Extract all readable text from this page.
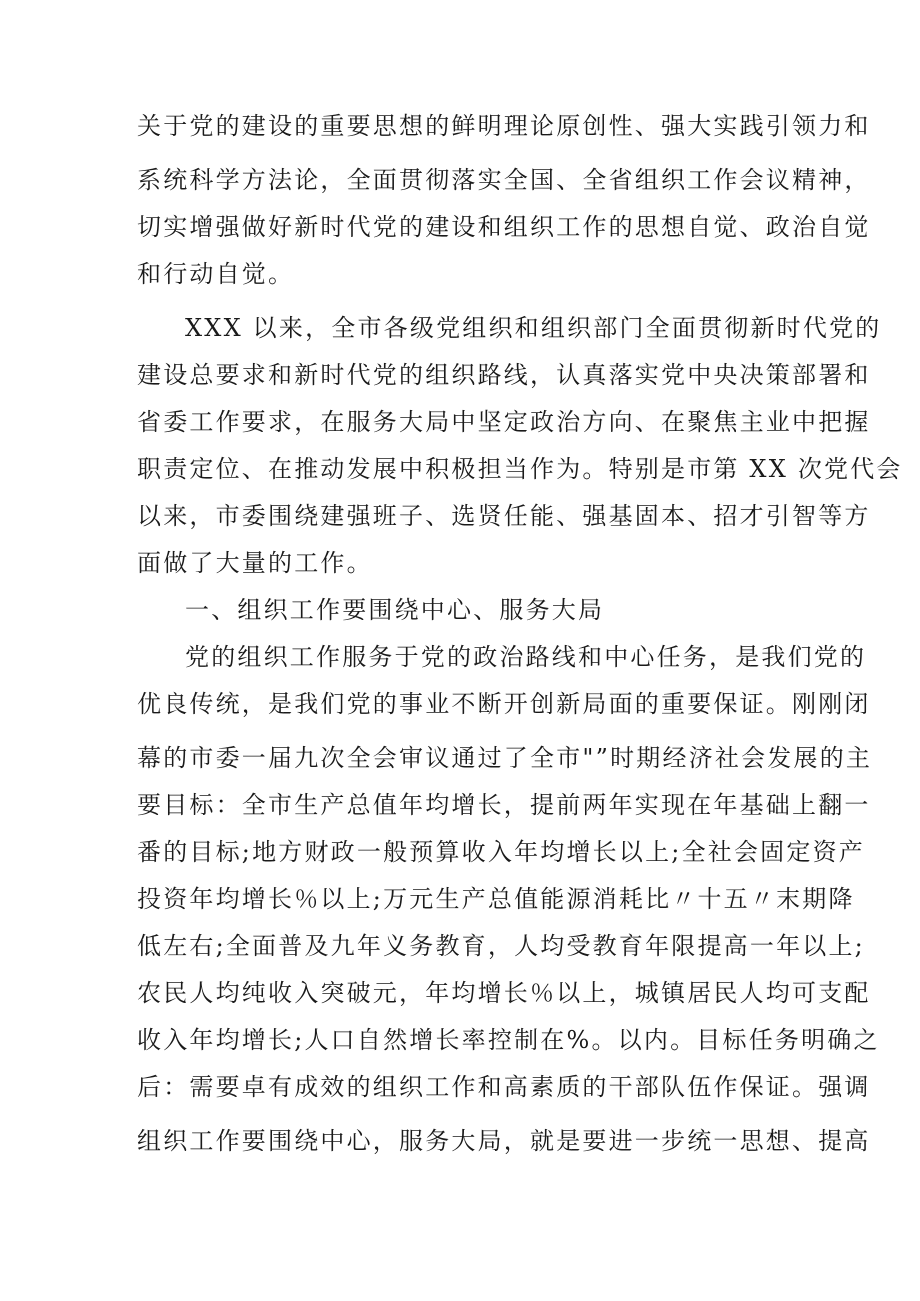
关于党的建设的重要思想的鲜明理论原创性、强大实践引领力和
系统科学方法论，全面贯彻落实全国、全省组织工作会议精神，
切实增强做好新时代党的建设和组织工作的思想自觉、政治自觉
和行动自觉。
XXX 以来，全市各级党组织和组织部门全面贯彻新时代党的
建设总要求和新时代党的组织路线，认真落实党中央决策部署和
省委工作要求，在服务大局中坚定政治方向、在聚焦主业中把握
职责定位、在推动发展中积极担当作为。特别是市第 XX 次党代会
以来，市委围绕建强班子、选贤任能、强基固本、招才引智等方
面做了大量的工作。
一、组织工作要围绕中心、服务大局
党的组织工作服务于党的政治路线和中心任务，是我们党的
优良传统，是我们党的事业不断开创新局面的重要保证。刚刚闭
幕的市委一届九次全会审议通过了全市"”时期经济社会发展的主
要目标：全市生产总值年均增长，提前两年实现在年基础上翻一
番的目标;地方财政一般预算收入年均增长以上;全社会固定资产
投资年均增长％以上;万元生产总值能源消耗比〃十五〃末期降
低左右;全面普及九年义务教育，人均受教育年限提高一年以上;
农民人均纯收入突破元，年均增长％以上，城镇居民人均可支配
收入年均增长;人口自然增长率控制在%。以内。目标任务明确之
后：需要卓有成效的组织工作和高素质的干部队伍作保证。强调
组织工作要围绕中心，服务大局，就是要进一步统一思想、提高
